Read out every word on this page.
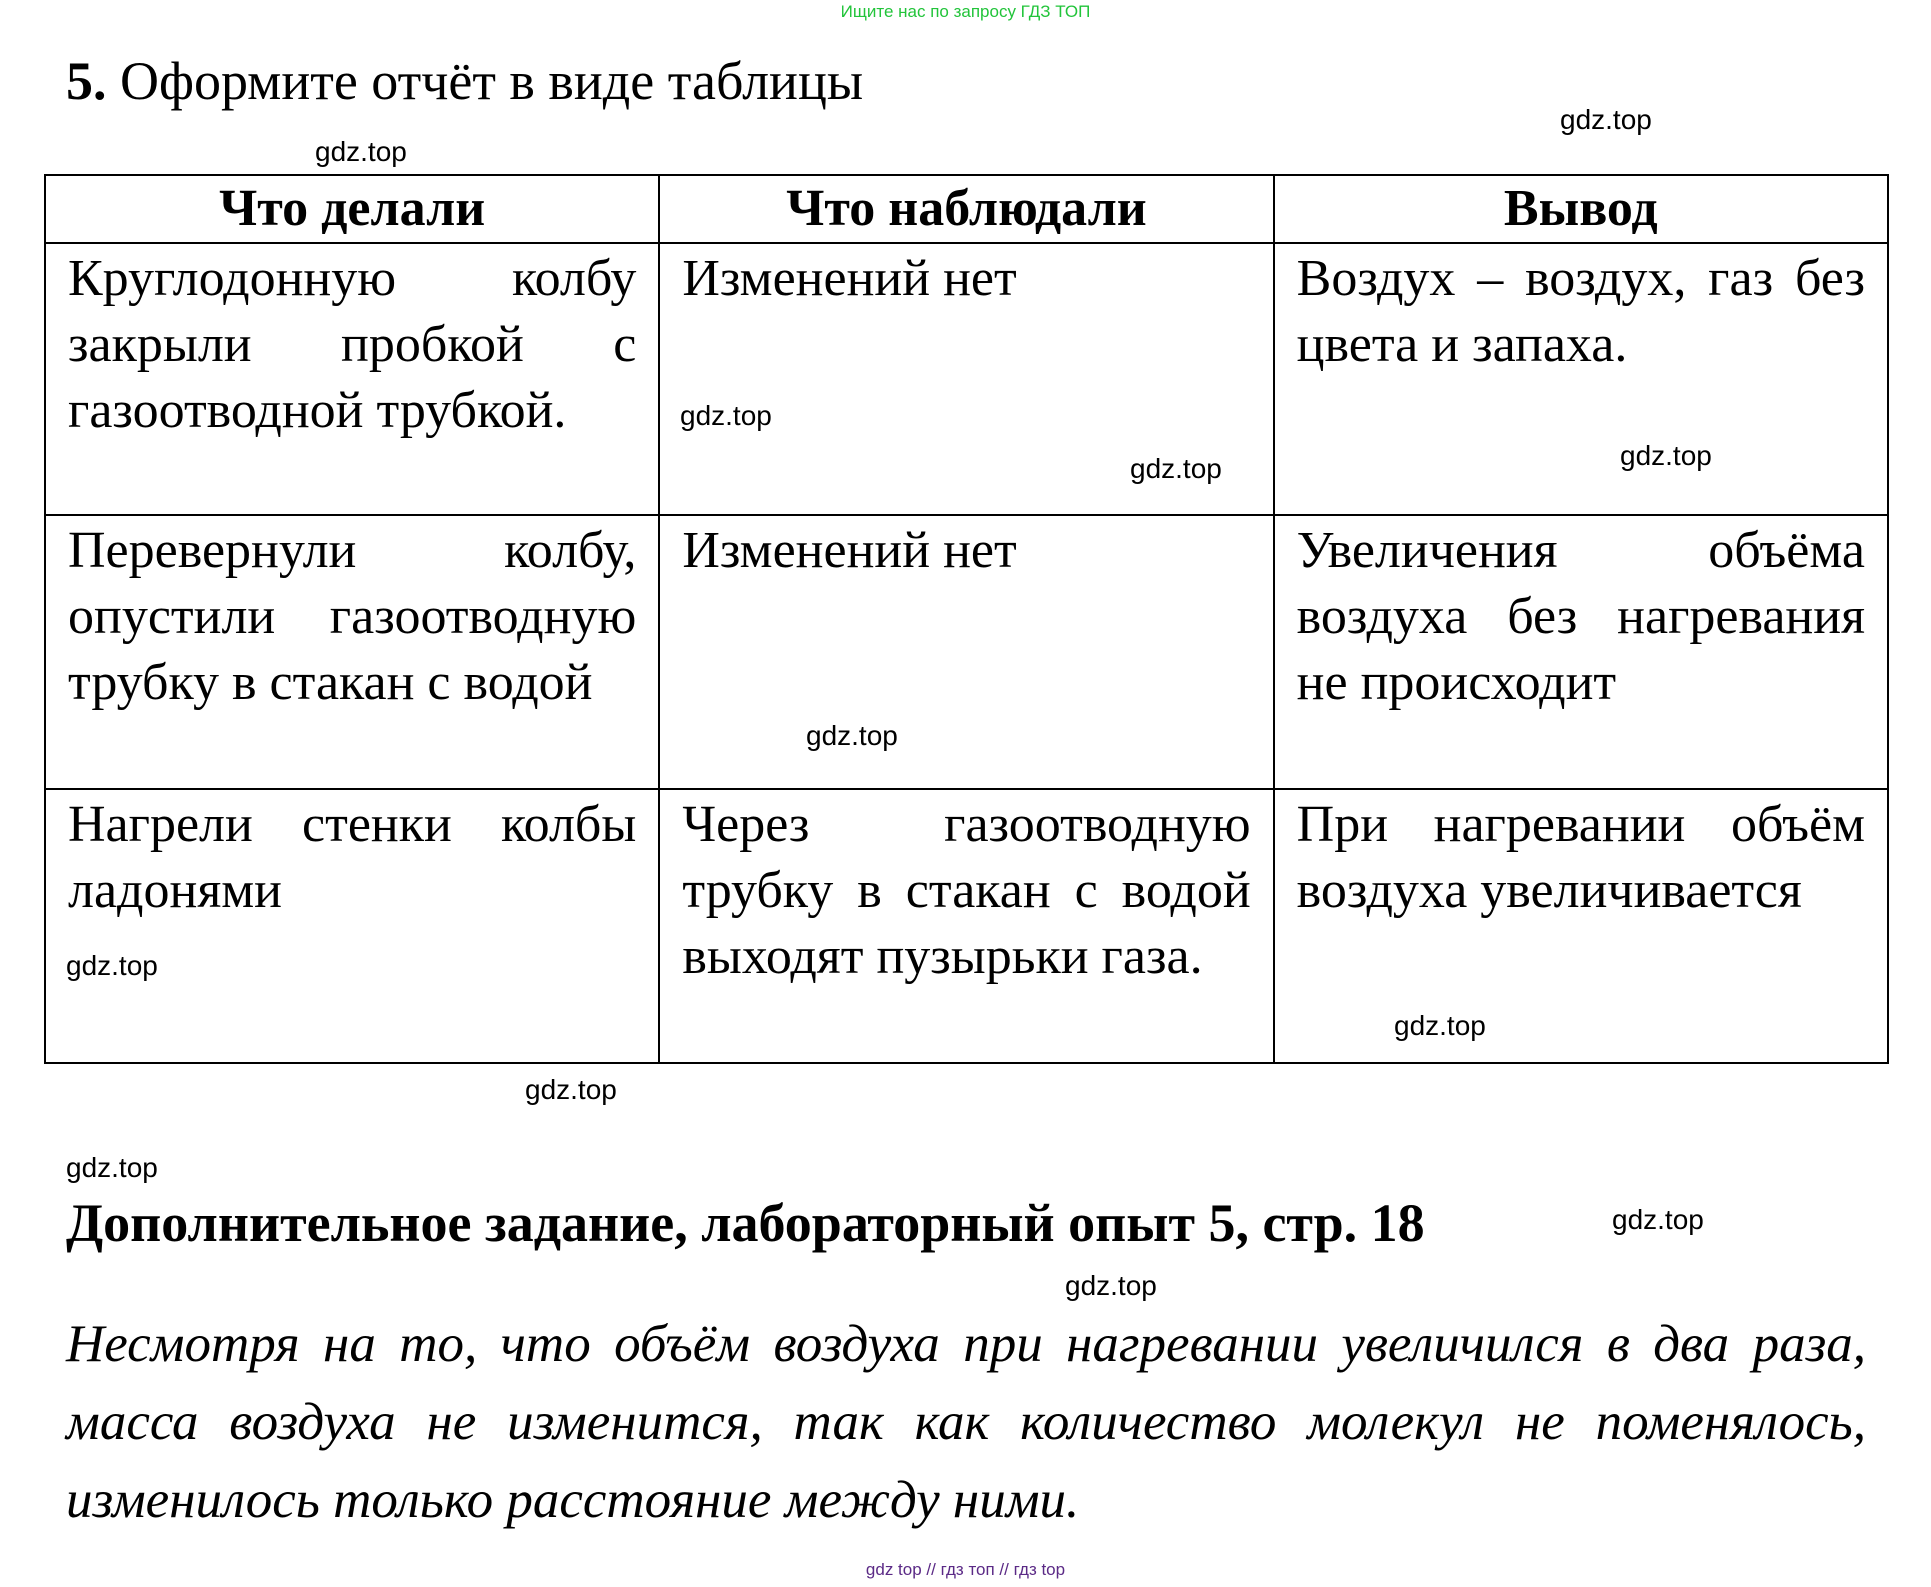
Ищите нас по запросу ГДЗ ТОП
5. Оформите отчёт в виде таблицы
Что делали	Что наблюдали	Вывод
Круглодонную колбу закрыли пробкой с газоотводной трубкой.	Изменений нет	Воздух – воздух, газ без цвета и запаха.
Перевернули колбу, опустили газоотводную трубку в стакан с водой	Изменений нет	Увеличения объёма воздуха без нагревания не происходит
Нагрели стенки колбы ладонями	Через газоотводную трубку в стакан с водой выходят пузырьки газа.	При нагревании объём воздуха увеличивается
Дополнительное задание, лабораторный опыт 5, стр. 18
Несмотря на то, что объём воздуха при нагревании увеличился в два раза, масса воздуха не изменится, так как количество молекул не поменялось, изменилось только расстояние между ними.
gdz.top
gdz.top
gdz.top
gdz.top	gdz.top
gdz.top
gdz.top
gdz.top
gdz.top
gdz.top
gdz.top
gdz.top
gdz top // гдз топ // гдз top
